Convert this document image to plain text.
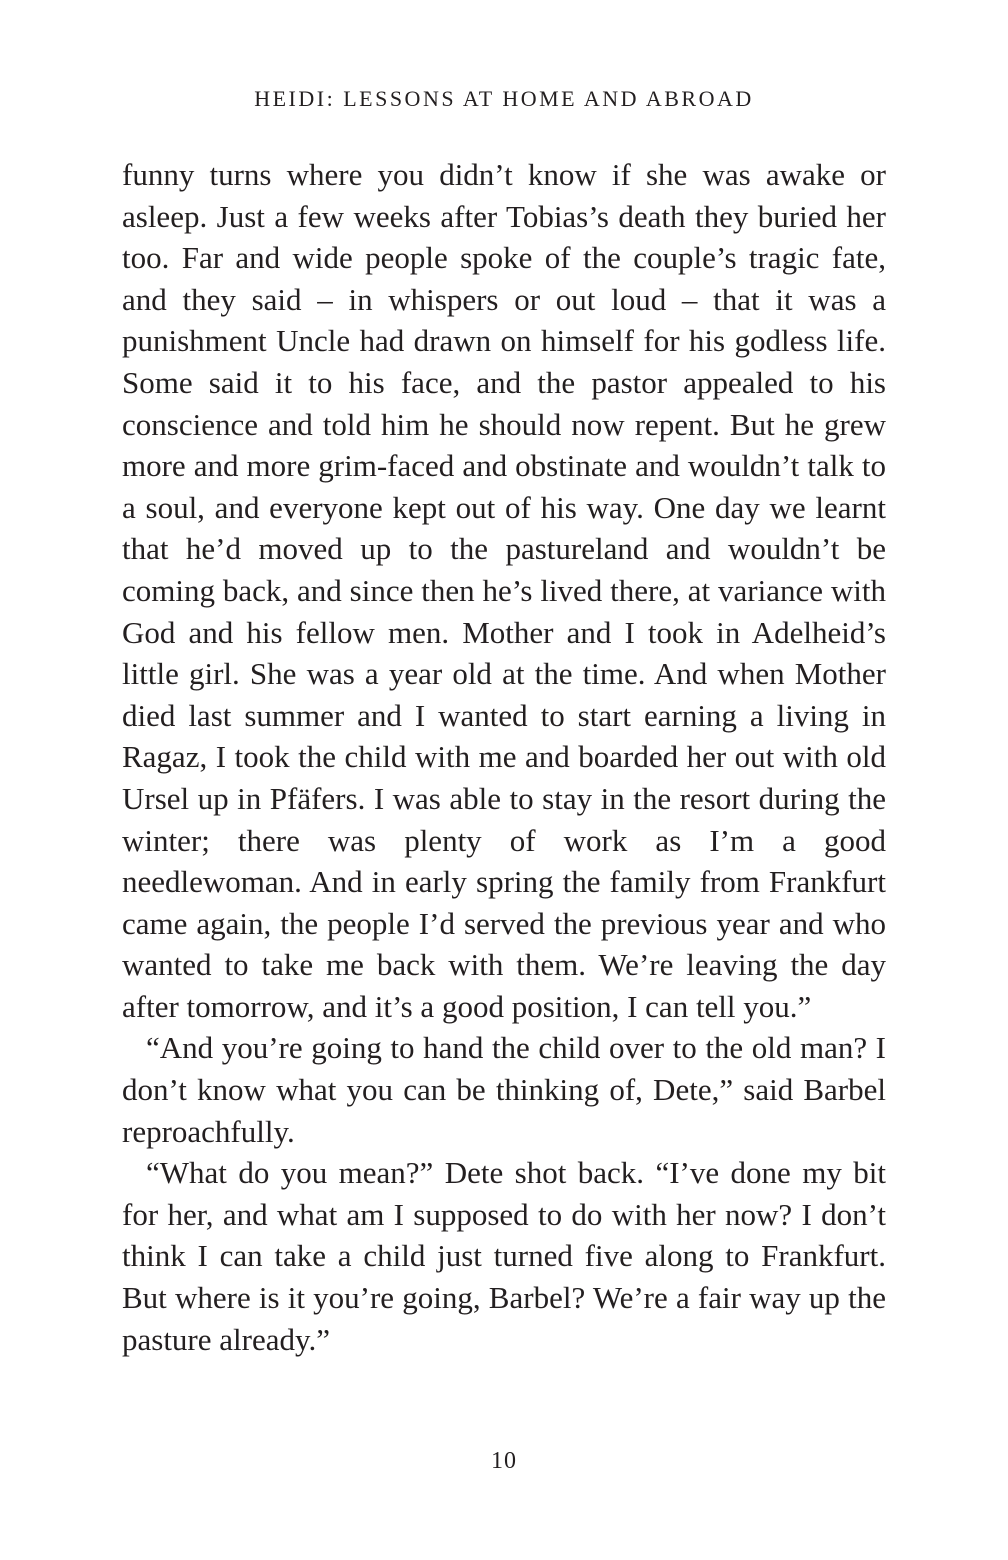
HEIDI: LESSONS AT HOME AND ABROAD

funny turns where you didn’t know if she was awake or asleep. Just a few weeks after Tobias’s death they buried her too. Far and wide people spoke of the couple’s tragic fate, and they said – in whispers or out loud – that it was a punishment Uncle had drawn on himself for his godless life. Some said it to his face, and the pastor appealed to his conscience and told him he should now repent. But he grew more and more grim-faced and obstinate and wouldn’t talk to a soul, and everyone kept out of his way. One day we learnt that he’d moved up to the pastureland and wouldn’t be coming back, and since then he’s lived there, at variance with God and his fellow men. Mother and I took in Adelheid’s little girl. She was a year old at the time. And when Mother died last summer and I wanted to start earning a living in Ragaz, I took the child with me and boarded her out with old Ursel up in Pfäfers. I was able to stay in the resort during the winter; there was plenty of work as I’m a good needlewoman. And in early spring the family from Frankfurt came again, the people I’d served the previous year and who wanted to take me back with them. We’re leaving the day after tomorrow, and it’s a good position, I can tell you.”

“And you’re going to hand the child over to the old man? I don’t know what you can be thinking of, Dete,” said Barbel reproachfully.

“What do you mean?” Dete shot back. “I’ve done my bit for her, and what am I supposed to do with her now? I don’t think I can take a child just turned five along to Frankfurt. But where is it you’re going, Barbel? We’re a fair way up the pasture already.”

10
